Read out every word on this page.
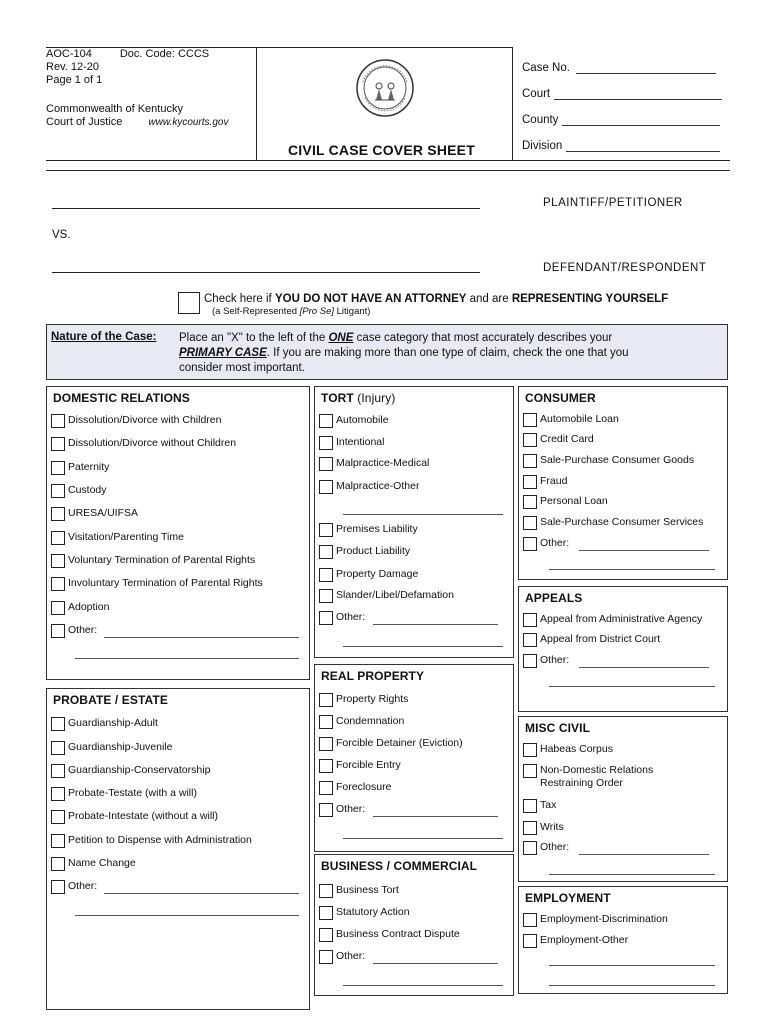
AOC-104	Doc. Code: CCCS
Rev. 12-20
Page 1 of 1
Commonwealth of Kentucky
Court of Justice	www.kycourts.gov
CIVIL CASE COVER SHEET
Case No.
Court
County
Division
PLAINTIFF/PETITIONER
VS.
DEFENDANT/RESPONDENT
Check here if YOU DO NOT HAVE AN ATTORNEY and are REPRESENTING YOURSELF
(a Self-Represented [Pro Se] Litigant)
Nature of the Case: Place an "X" to the left of the ONE case category that most accurately describes your
PRIMARY CASE. If you are making more than one type of claim, check the one that you
consider most important.
DOMESTIC RELATIONS
Dissolution/Divorce with Children
Dissolution/Divorce without Children
Paternity
Custody
URESA/UIFSA
Visitation/Parenting Time
Voluntary Termination of Parental Rights
Involuntary Termination of Parental Rights
Adoption
Other:
PROBATE / ESTATE
Guardianship-Adult
Guardianship-Juvenile
Guardianship-Conservatorship
Probate-Testate (with a will)
Probate-Intestate (without a will)
Petition to Dispense with Administration
Name Change
Other:
TORT (Injury)
Automobile
Intentional
Malpractice-Medical
Malpractice-Other
Premises Liability
Product Liability
Property Damage
Slander/Libel/Defamation
Other:
REAL PROPERTY
Property Rights
Condemnation
Forcible Detainer (Eviction)
Forcible Entry
Foreclosure
Other:
BUSINESS / COMMERCIAL
Business Tort
Statutory Action
Business Contract Dispute
Other:
CONSUMER
Automobile Loan
Credit Card
Sale-Purchase Consumer Goods
Fraud
Personal Loan
Sale-Purchase Consumer Services
Other:
APPEALS
Appeal from Administrative Agency
Appeal from District Court
Other:
MISC CIVIL
Habeas Corpus
Non-Domestic Relations
Restraining Order
Tax
Writs
Other:
EMPLOYMENT
Employment-Discrimination
Employment-Other
